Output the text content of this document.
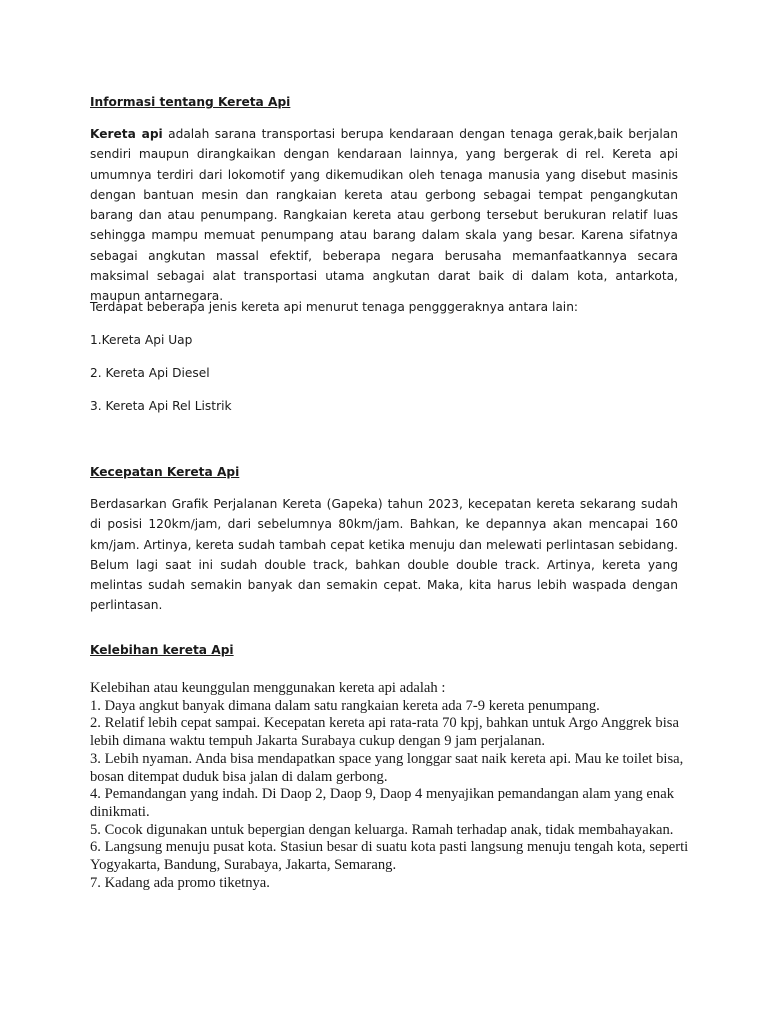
Informasi tentang Kereta Api

Kereta api adalah sarana transportasi berupa kendaraan dengan tenaga gerak,baik berjalan sendiri maupun dirangkaikan dengan kendaraan lainnya, yang bergerak di rel. Kereta api umumnya terdiri dari lokomotif yang dikemudikan oleh tenaga manusia yang disebut masinis dengan bantuan mesin dan rangkaian kereta atau gerbong sebagai tempat pengangkutan barang dan atau penumpang. Rangkaian kereta atau gerbong tersebut berukuran relatif luas sehingga mampu memuat penumpang atau barang dalam skala yang besar. Karena sifatnya sebagai angkutan massal efektif, beberapa negara berusaha memanfaatkannya secara maksimal sebagai alat transportasi utama angkutan darat baik di dalam kota, antarkota, maupun antarnegara.

Terdapat beberapa jenis kereta api menurut tenaga pengggeraknya antara lain:

1.Kereta Api Uap

2. Kereta Api Diesel

3. Kereta Api Rel Listrik

Kecepatan Kereta Api

Berdasarkan Grafik Perjalanan Kereta (Gapeka) tahun 2023, kecepatan kereta sekarang sudah di posisi 120km/jam, dari sebelumnya 80km/jam. Bahkan, ke depannya akan mencapai 160 km/jam. Artinya, kereta sudah tambah cepat ketika menuju dan melewati perlintasan sebidang. Belum lagi saat ini sudah double track, bahkan double double track. Artinya, kereta yang melintas sudah semakin banyak dan semakin cepat. Maka, kita harus lebih waspada dengan perlintasan.

Kelebihan kereta Api
Kelebihan atau keunggulan menggunakan kereta api adalah :
1. Daya angkut banyak dimana dalam satu rangkaian kereta ada 7-9 kereta penumpang.
2. Relatif lebih cepat sampai. Kecepatan kereta api rata-rata 70 kpj, bahkan untuk Argo Anggrek bisa lebih dimana waktu tempuh Jakarta Surabaya cukup dengan 9 jam perjalanan.
3. Lebih nyaman. Anda bisa mendapatkan space yang longgar saat naik kereta api. Mau ke toilet bisa, bosan ditempat duduk bisa jalan di dalam gerbong.
4. Pemandangan yang indah. Di Daop 2, Daop 9, Daop 4 menyajikan pemandangan alam yang enak dinikmati.
5. Cocok digunakan untuk bepergian dengan keluarga. Ramah terhadap anak, tidak membahayakan.
6. Langsung menuju pusat kota. Stasiun besar di suatu kota pasti langsung menuju tengah kota, seperti Yogyakarta, Bandung, Surabaya, Jakarta, Semarang.
7. Kadang ada promo tiketnya.
